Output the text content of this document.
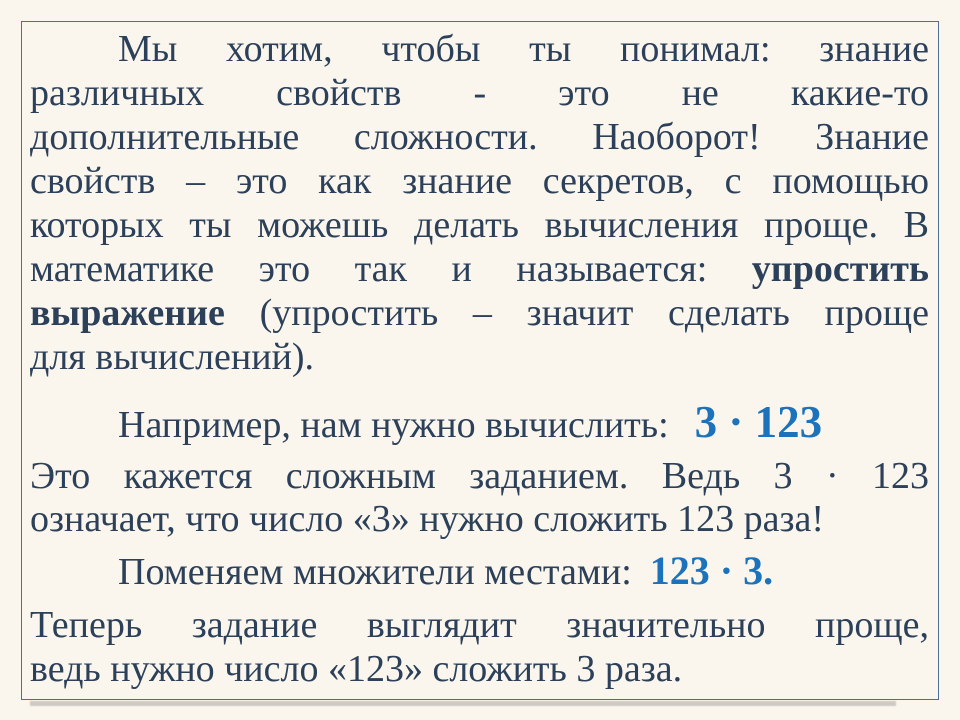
Мы хотим, чтобы ты понимал: знание
различных свойств - это не какие-то
дополнительные сложности. Наоборот! Знание
свойств – это как знание секретов, с помощью
которых ты можешь делать вычисления проще. В
математике это так и называется: упростить
выражение (упростить – значит сделать проще
для вычислений).
Например, нам нужно вычислить: 3 · 123
Это кажется сложным заданием. Ведь 3 · 123
означает, что число «3» нужно сложить 123 раза!
Поменяем множители местами: 123 · 3.
Теперь задание выглядит значительно проще,
ведь нужно число «123» сложить 3 раза.
